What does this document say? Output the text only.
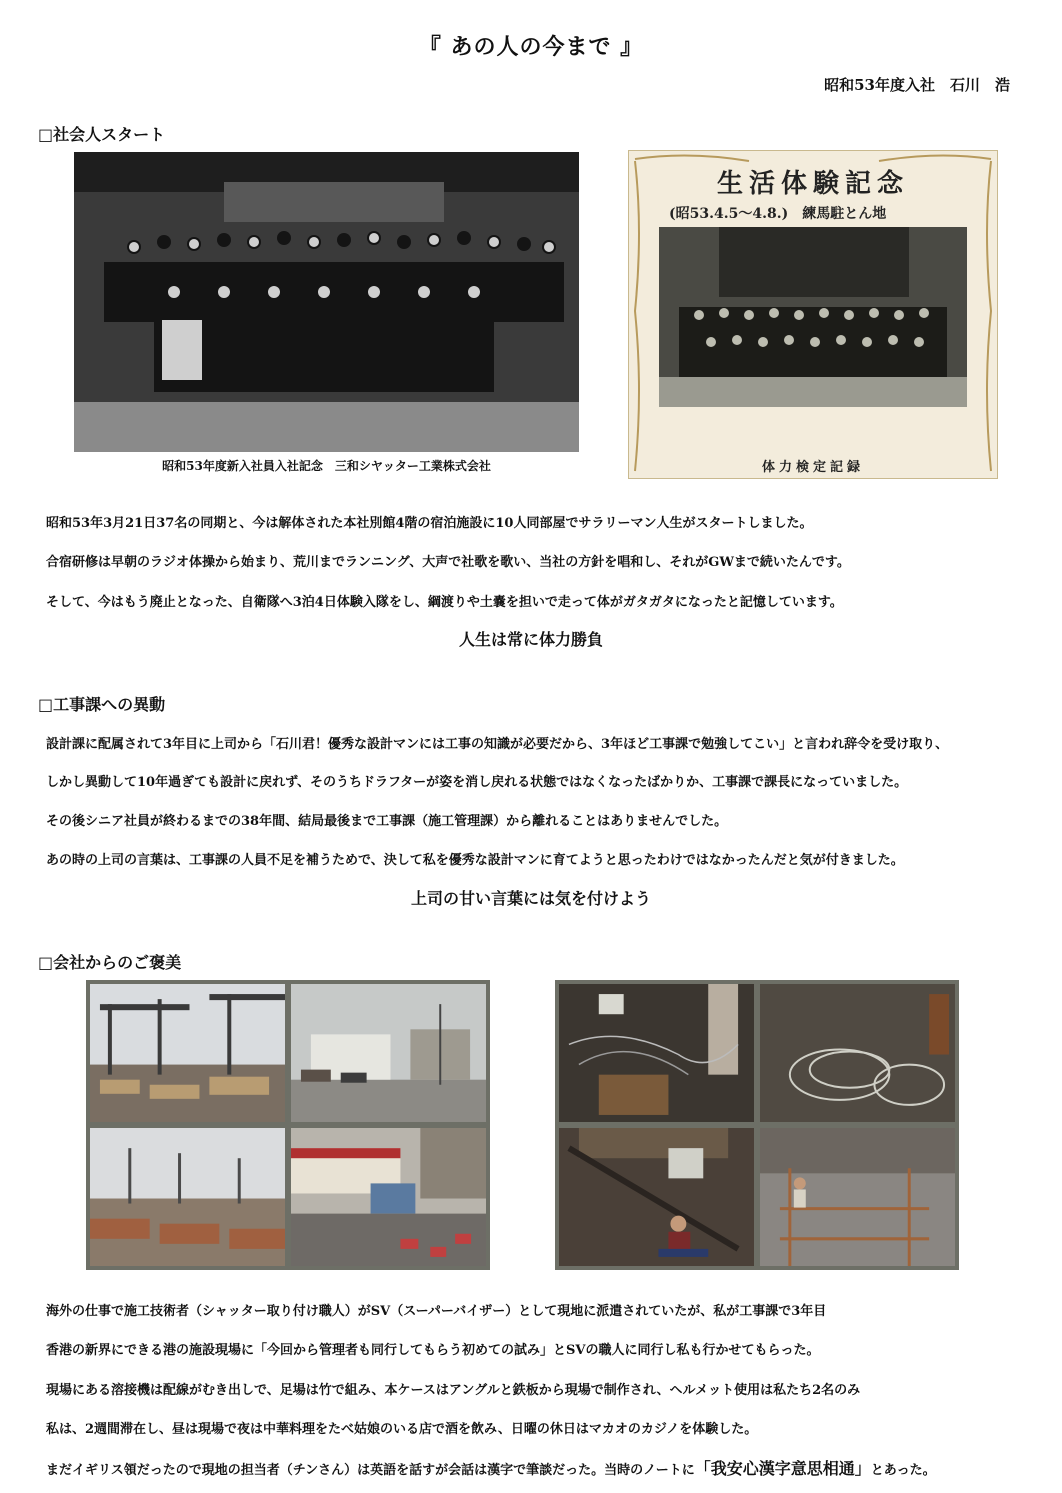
『 あの人の今まで 』
昭和53年度入社　石川　浩
□社会人スタート
昭和53年度新入社員入社記念　三和シヤッター工業株式会社
生活体験記念
(昭53.4.5～4.8.)　練馬駐とん地
体力検定記録
昭和53年3月21日37名の同期と、今は解体された本社別館4階の宿泊施設に10人同部屋でサラリーマン人生がスタートしました。
合宿研修は早朝のラジオ体操から始まり、荒川までランニング、大声で社歌を歌い、当社の方針を唱和し、それがGWまで続いたんです。
そして、今はもう廃止となった、自衛隊へ3泊4日体験入隊をし、綱渡りや土嚢を担いで走って体がガタガタになったと記憶しています。
人生は常に体力勝負
□工事課への異動
設計課に配属されて3年目に上司から「石川君！優秀な設計マンには工事の知識が必要だから、3年ほど工事課で勉強してこい」と言われ辞令を受け取り、
しかし異動して10年過ぎても設計に戻れず、そのうちドラフターが姿を消し戻れる状態ではなくなったばかりか、工事課で課長になっていました。
その後シニア社員が終わるまでの38年間、結局最後まで工事課（施工管理課）から離れることはありませんでした。
あの時の上司の言葉は、工事課の人員不足を補うためで、決して私を優秀な設計マンに育てようと思ったわけではなかったんだと気が付きました。
上司の甘い言葉には気を付けよう
□会社からのご褒美
海外の仕事で施工技術者（シャッター取り付け職人）がSV（スーパーバイザー）として現地に派遣されていたが、私が工事課で3年目
香港の新界にできる港の施設現場に「今回から管理者も同行してもらう初めての試み」とSVの職人に同行し私も行かせてもらった。
現場にある溶接機は配線がむき出しで、足場は竹で組み、本ケースはアングルと鉄板から現場で制作され、ヘルメット使用は私たち2名のみ
私は、2週間滞在し、昼は現場で夜は中華料理をたべ姑娘のいる店で酒を飲み、日曜の休日はマカオのカジノを体験した。
まだイギリス領だったので現地の担当者（チンさん）は英語を話すが会話は漢字で筆談だった。当時のノートに「我安心漢字意思相通」とあった。
